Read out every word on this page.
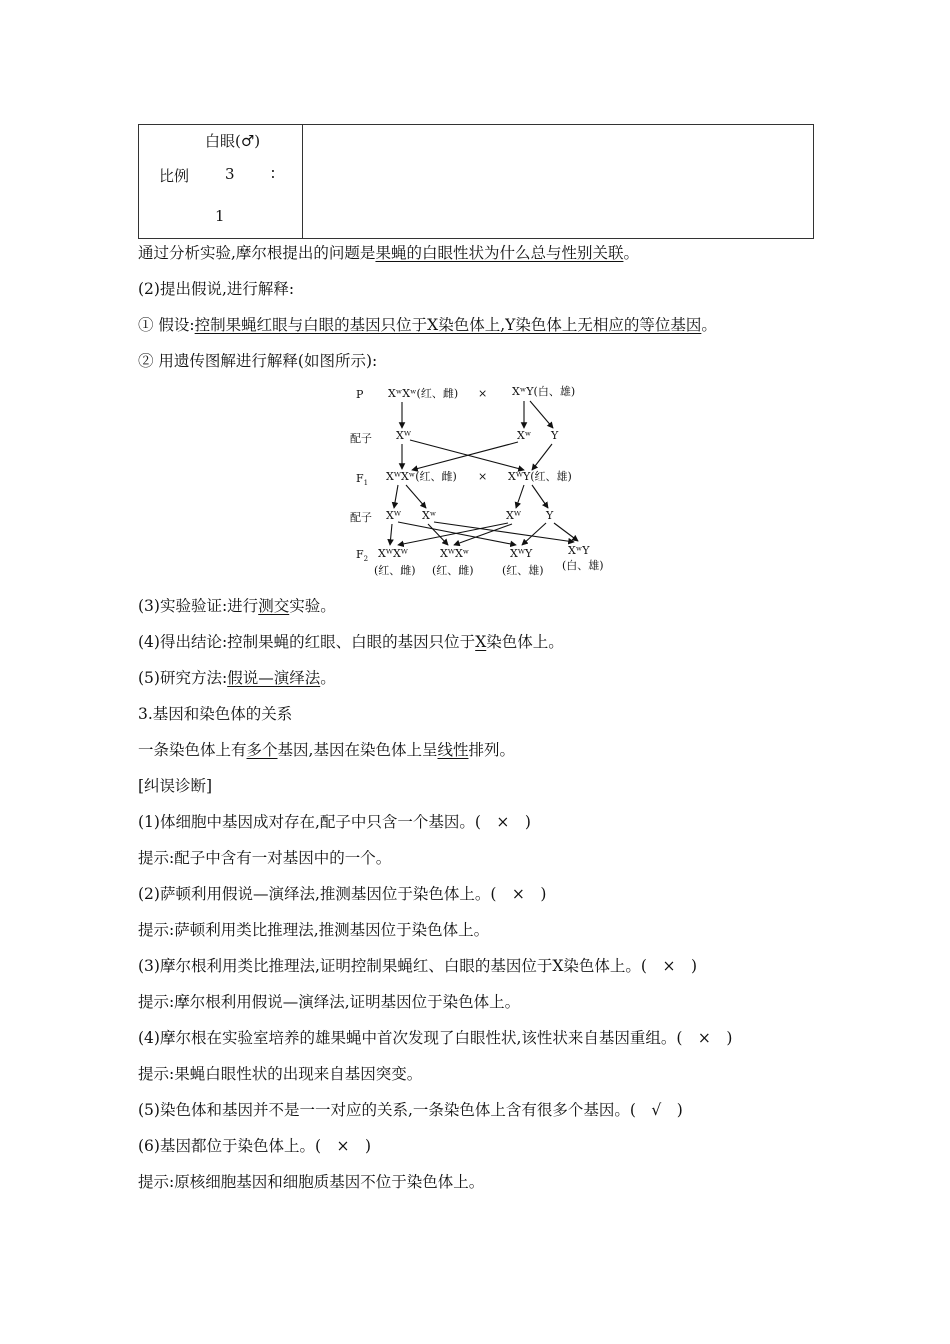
白眼(♂)
比例 3 ∶
1
通过分析实验,摩尔根提出的问题是果蝇的白眼性状为什么总与性别关联。
(2)提出假说,进行解释:
① 假设:控制果蝇红眼与白眼的基因只位于X染色体上,Y染色体上无相应的等位基因。
② 用遗传图解进行解释(如图所示):
P
配子
$F_1$
配子
$F_2$
XʷXʷ(红、雌) × XʷY(白、雄)
Xᵂ	Xʷ Y
XᵂXʷ(红、雌) × XᵂY(红、雄)
Xᵂ Xʷ	Xᵂ Y
XᵂXᵂ
(红、雌)
XᵂXʷ
(红、雌)
XᵂY
(红、雄)
XʷY
(白、雄)
(3)实验验证:进行测交实验。
(4)得出结论:控制果蝇的红眼、白眼的基因只位于X染色体上。
(5)研究方法:假说—演绎法。
3.基因和染色体的关系
一条染色体上有多个基因,基因在染色体上呈线性排列。
[纠误诊断]
(1)体细胞中基因成对存在,配子中只含一个基因。(　×　)
提示:配子中含有一对基因中的一个。
(2)萨顿利用假说—演绎法,推测基因位于染色体上。(　×　)
提示:萨顿利用类比推理法,推测基因位于染色体上。
(3)摩尔根利用类比推理法,证明控制果蝇红、白眼的基因位于X染色体上。(　×　)
提示:摩尔根利用假说—演绎法,证明基因位于染色体上。
(4)摩尔根在实验室培养的雄果蝇中首次发现了白眼性状,该性状来自基因重组。(　×　)
提示:果蝇白眼性状的出现来自基因突变。
(5)染色体和基因并不是一一对应的关系,一条染色体上含有很多个基因。(　√　)
(6)基因都位于染色体上。(　×　)
提示:原核细胞基因和细胞质基因不位于染色体上。
